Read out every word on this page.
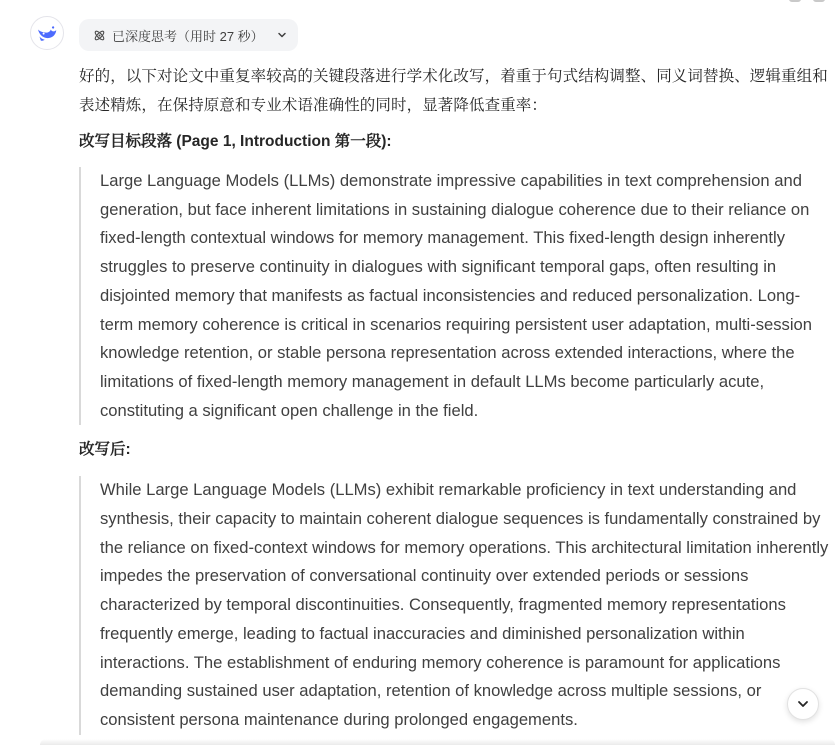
已深度思考（用时 27 秒）

好的，以下对论文中重复率较高的关键段落进行学术化改写，着重于句式结构调整、同义词替换、逻辑重组和表述精炼，在保持原意和专业术语准确性的同时，显著降低查重率：

改写目标段落 (Page 1, Introduction 第一段):

Large Language Models (LLMs) demonstrate impressive capabilities in text comprehension and generation, but face inherent limitations in sustaining dialogue coherence due to their reliance on fixed-length contextual windows for memory management. This fixed-length design inherently struggles to preserve continuity in dialogues with significant temporal gaps, often resulting in disjointed memory that manifests as factual inconsistencies and reduced personalization. Long-term memory coherence is critical in scenarios requiring persistent user adaptation, multi-session knowledge retention, or stable persona representation across extended interactions, where the limitations of fixed-length memory management in default LLMs become particularly acute, constituting a significant open challenge in the field.

改写后:

While Large Language Models (LLMs) exhibit remarkable proficiency in text understanding and synthesis, their capacity to maintain coherent dialogue sequences is fundamentally constrained by the reliance on fixed-context windows for memory operations. This architectural limitation inherently impedes the preservation of conversational continuity over extended periods or sessions characterized by temporal discontinuities. Consequently, fragmented memory representations frequently emerge, leading to factual inaccuracies and diminished personalization within interactions. The establishment of enduring memory coherence is paramount for applications demanding sustained user adaptation, retention of knowledge across multiple sessions, or consistent persona maintenance during prolonged engagements.
